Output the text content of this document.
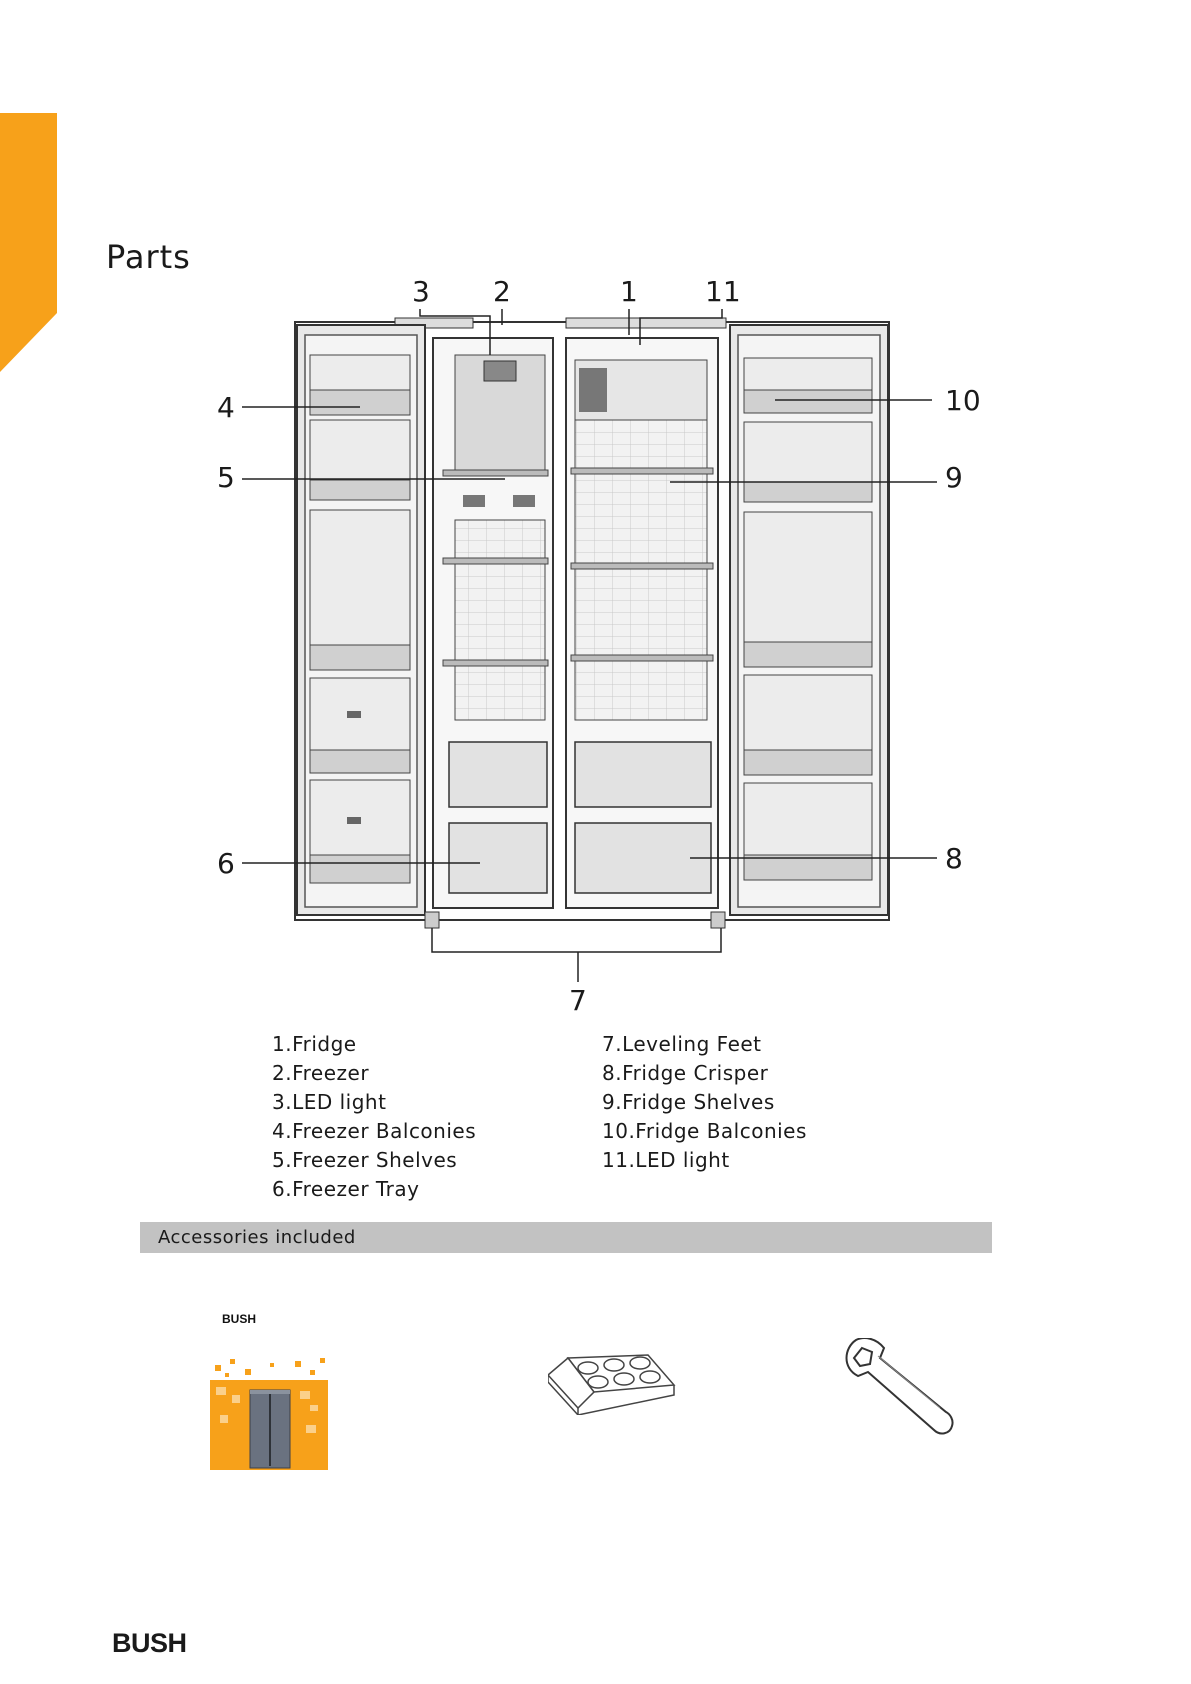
Parts
3 2	1 11
4
5
6
10
9
8
7
1.Fridge
2.Freezer
3.LED light
4.Freezer Balconies
5.Freezer Shelves
6.Freezer Tray
7.Leveling Feet
8.Fridge Crisper
9.Fridge Shelves
10.Fridge Balconies
11.LED light
Accessories included
BUSH
BUSH
